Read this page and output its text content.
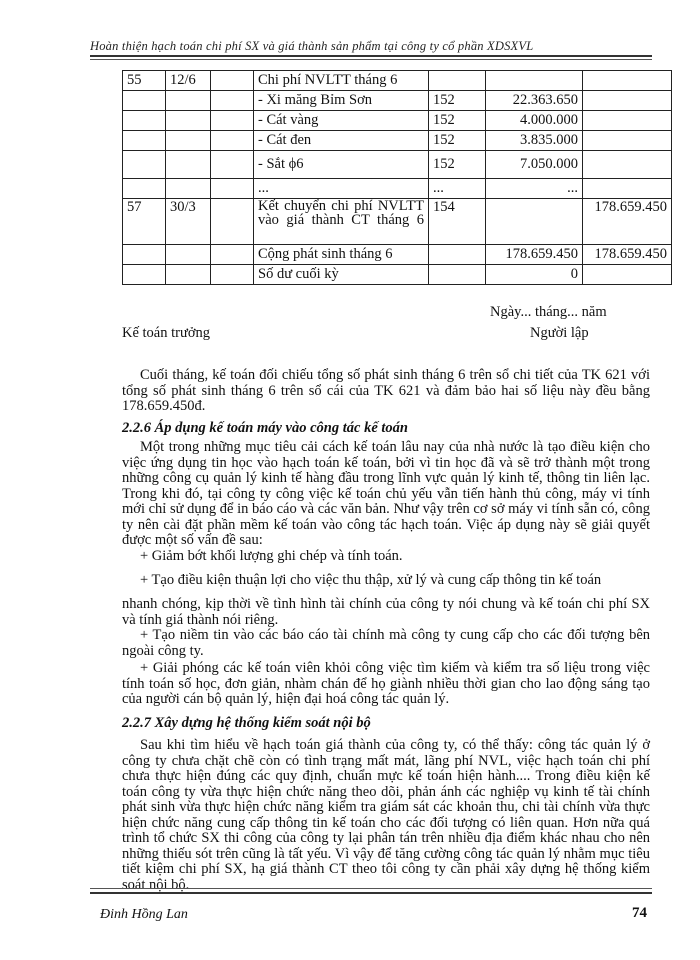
Hoàn thiện hạch toán chi phí SX và giá thành sản phẩm tại công ty cổ phần XDSXVL
55	12/6		Chi phí NVLTT tháng 6			
			- Xi măng Bỉm Sơn	152	22.363.650	
			- Cát vàng	152	4.000.000	
			- Cát đen	152	3.835.000	
			- Sắt ϕ6	152	7.050.000	
			...	...	...	
57	30/3		Kết chuyển chi phí NVLTT vào giá thành CT tháng 6	154		178.659.450
			Cộng phát sinh tháng 6		178.659.450	178.659.450
			Số dư cuối kỳ		0	
Ngày... tháng... năm
Kế toán trưởng	Người lập
Cuối tháng, kế toán đối chiếu tổng số phát sinh tháng 6 trên sổ chi tiết của TK 621 với tổng số phát sinh tháng 6 trên sổ cái của TK 621 và đảm bảo hai số liệu này đều bằng 178.659.450đ.
2.2.6 Áp dụng kế toán máy vào công tác kế toán
Một trong những mục tiêu cải cách kế toán lâu nay của nhà nước là tạo điều kiện cho việc ứng dụng tin học vào hạch toán kế toán, bởi vì tin học đã và sẽ trở thành một trong những công cụ quản lý kinh tế hàng đầu trong lĩnh vực quản lý kinh tế, thông tin liên lạc. Trong khi đó, tại công ty công việc kế toán chủ yếu vẫn tiến hành thủ công, máy vi tính mới chỉ sử dụng để in báo cáo và các văn bản. Như vậy trên cơ sở máy vi tính sẵn có, công ty nên cài đặt phần mềm kế toán vào công tác hạch toán. Việc áp dụng này sẽ giải quyết được một số vấn đề sau:
+ Giảm bớt khối lượng ghi chép và tính toán.
+ Tạo điều kiện thuận lợi cho việc thu thập, xử lý và cung cấp thông tin kế toán
nhanh chóng, kịp thời về tình hình tài chính của công ty nói chung và kế toán chi phí SX và tính giá thành nói riêng.
+ Tạo niềm tin vào các báo cáo tài chính mà công ty cung cấp cho các đối tượng bên ngoài công ty.
+ Giải phóng các kế toán viên khỏi công việc tìm kiếm và kiểm tra số liệu trong việc tính toán số học, đơn giản, nhàm chán để họ giành nhiều thời gian cho lao động sáng tạo của người cán bộ quản lý, hiện đại hoá công tác quản lý.
2.2.7 Xây dựng hệ thống kiểm soát nội bộ
Sau khi tìm hiểu về hạch toán giá thành của công ty, có thể thấy: công tác quản lý ở công ty chưa chặt chẽ còn có tình trạng mất mát, lãng phí NVL, việc hạch toán chi phí chưa thực hiện đúng các quy định, chuẩn mực kế toán hiện hành.... Trong điều kiện kế toán công ty vừa thực hiện chức năng theo dõi, phản ánh các nghiệp vụ kinh tế tài chính phát sinh vừa thực hiện chức năng kiểm tra giám sát các khoản thu, chi tài chính vừa thực hiện chức năng cung cấp thông tin kế toán cho các đối tượng có liên quan. Hơn nữa quá trình tổ chức SX thi công của công ty lại phân tán trên nhiều địa điểm khác nhau cho nên những thiếu sót trên cũng là tất yếu. Vì vậy để tăng cường công tác quản lý nhằm mục tiêu tiết kiệm chi phí SX, hạ giá thành CT theo tôi công ty cần phải xây dựng hệ thống kiểm soát nội bộ.
Đinh Hồng Lan	74
